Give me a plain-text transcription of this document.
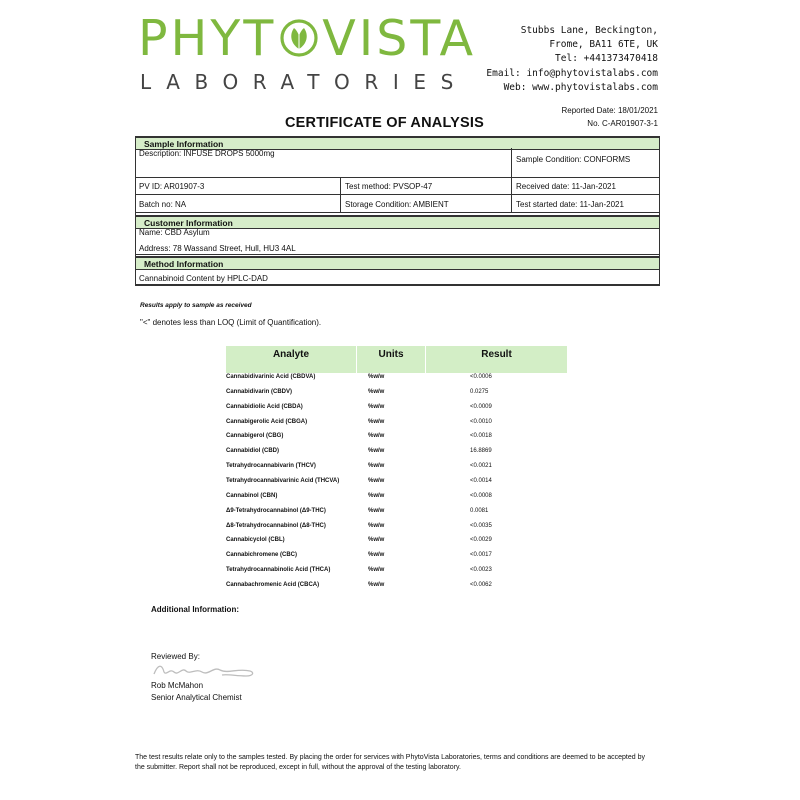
PHYT VISTA
LABORATORIES
Stubbs Lane, Beckington,
Frome, BA11 6TE, UK
Tel: +441373470418
Email: info@phytovistalabs.com
Web: www.phytovistalabs.com
Reported Date: 18/01/2021
No. C-AR01907-3-1
CERTIFICATE OF ANALYSIS
Sample Information
Description: INFUSE DROPS 5000mg
Sample Condition: CONFORMS
PV ID: AR01907-3	Test method: PVSOP-47	Received date: 11-Jan-2021
Batch no: NA	Storage Condition: AMBIENT	Test started date: 11-Jan-2021
Customer Information
Name: CBD Asylum
Address: 78 Wassand Street, Hull, HU3 4AL
Method Information
Cannabinoid Content by HPLC-DAD
Results apply to sample as received
"<" denotes less than LOQ (Limit of Quantification).
Analyte	Units	Result
Cannabidivarinic Acid (CBDVA)	%w/w	<0.0006
Cannabidivarin (CBDV)	%w/w	0.0275
Cannabidiolic Acid (CBDA)	%w/w	<0.0009
Cannabigerolic Acid (CBGA)	%w/w	<0.0010
Cannabigerol (CBG)	%w/w	<0.0018
Cannabidiol (CBD)	%w/w	16.8869
Tetrahydrocannabivarin (THCV)	%w/w	<0.0021
Tetrahydrocannabivarinic Acid (THCVA)	%w/w	<0.0014
Cannabinol (CBN)	%w/w	<0.0008
Δ9-Tetrahydrocannabinol (Δ9-THC)	%w/w	0.0081
Δ8-Tetrahydrocannabinol (Δ8-THC)	%w/w	<0.0035
Cannabicyclol (CBL)	%w/w	<0.0029
Cannabichromene (CBC)	%w/w	<0.0017
Tetrahydrocannabinolic Acid (THCA)	%w/w	<0.0023
Cannabachromenic Acid (CBCA)	%w/w	<0.0062
Additional Information:
Reviewed By:
Rob McMahon
Senior Analytical Chemist
The test results relate only to the samples tested. By placing the order for services with PhytoVista Laboratories, terms and conditions are deemed to be accepted by the submitter. Report shall not be reproduced, except in full, without the approval of the testing laboratory.
